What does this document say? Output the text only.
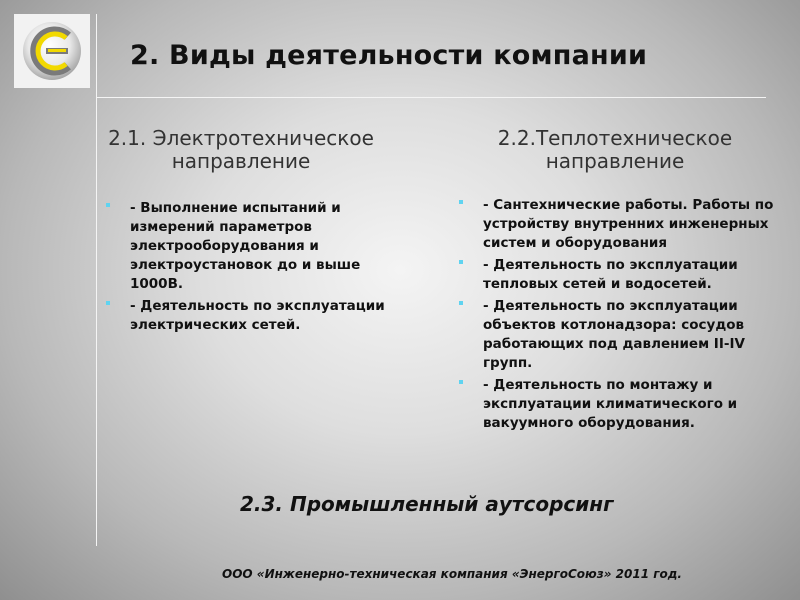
2. Виды деятельности компании
2.1. Электротехническое
направление
2.2.Теплотехническое
направление
- Выполнение испытаний и измерений параметров электрооборудования и электроустановок до и выше 1000В.
- Деятельность по эксплуатации электрических сетей.
- Сантехнические работы. Работы по устройству внутренних инженерных систем и оборудования
- Деятельность по эксплуатации тепловых сетей и водосетей.
- Деятельность по эксплуатации объектов котлонадзора: сосудов работающих под давлением II-IV групп.
- Деятельность по монтажу и эксплуатации климатического и вакуумного оборудования.
2.3. Промышленный аутсорсинг
ООО «Инженерно-техническая компания «ЭнергоСоюз» 2011 год.
